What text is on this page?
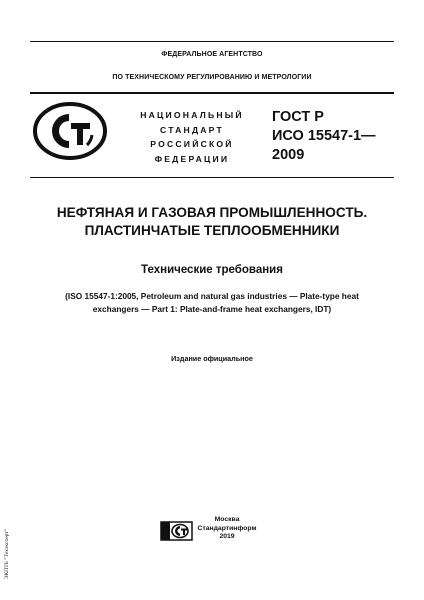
ФЕДЕРАЛЬНОЕ АГЕНТСТВО
ПО ТЕХНИЧЕСКОМУ РЕГУЛИРОВАНИЮ И МЕТРОЛОГИИ
НАЦИОНАЛЬНЫЙ
СТАНДАРТ
РОССИЙСКОЙ
ФЕДЕРАЦИИ
ГОСТ Р
ИСО 15547-1—
2009
НЕФТЯНАЯ И ГАЗОВАЯ ПРОМЫШЛЕННОСТЬ.
ПЛАСТИНЧАТЫЕ ТЕПЛООБМЕННИКИ
Технические требования
(ISO 15547-1:2005, Petroleum and natural gas industries — Plate-type heat
exchangers — Part 1: Plate-and-frame heat exchangers, IDT)
Издание официальное
Москва
Стандартинформ
2019
ЭКПТБ "Техэксперт"
